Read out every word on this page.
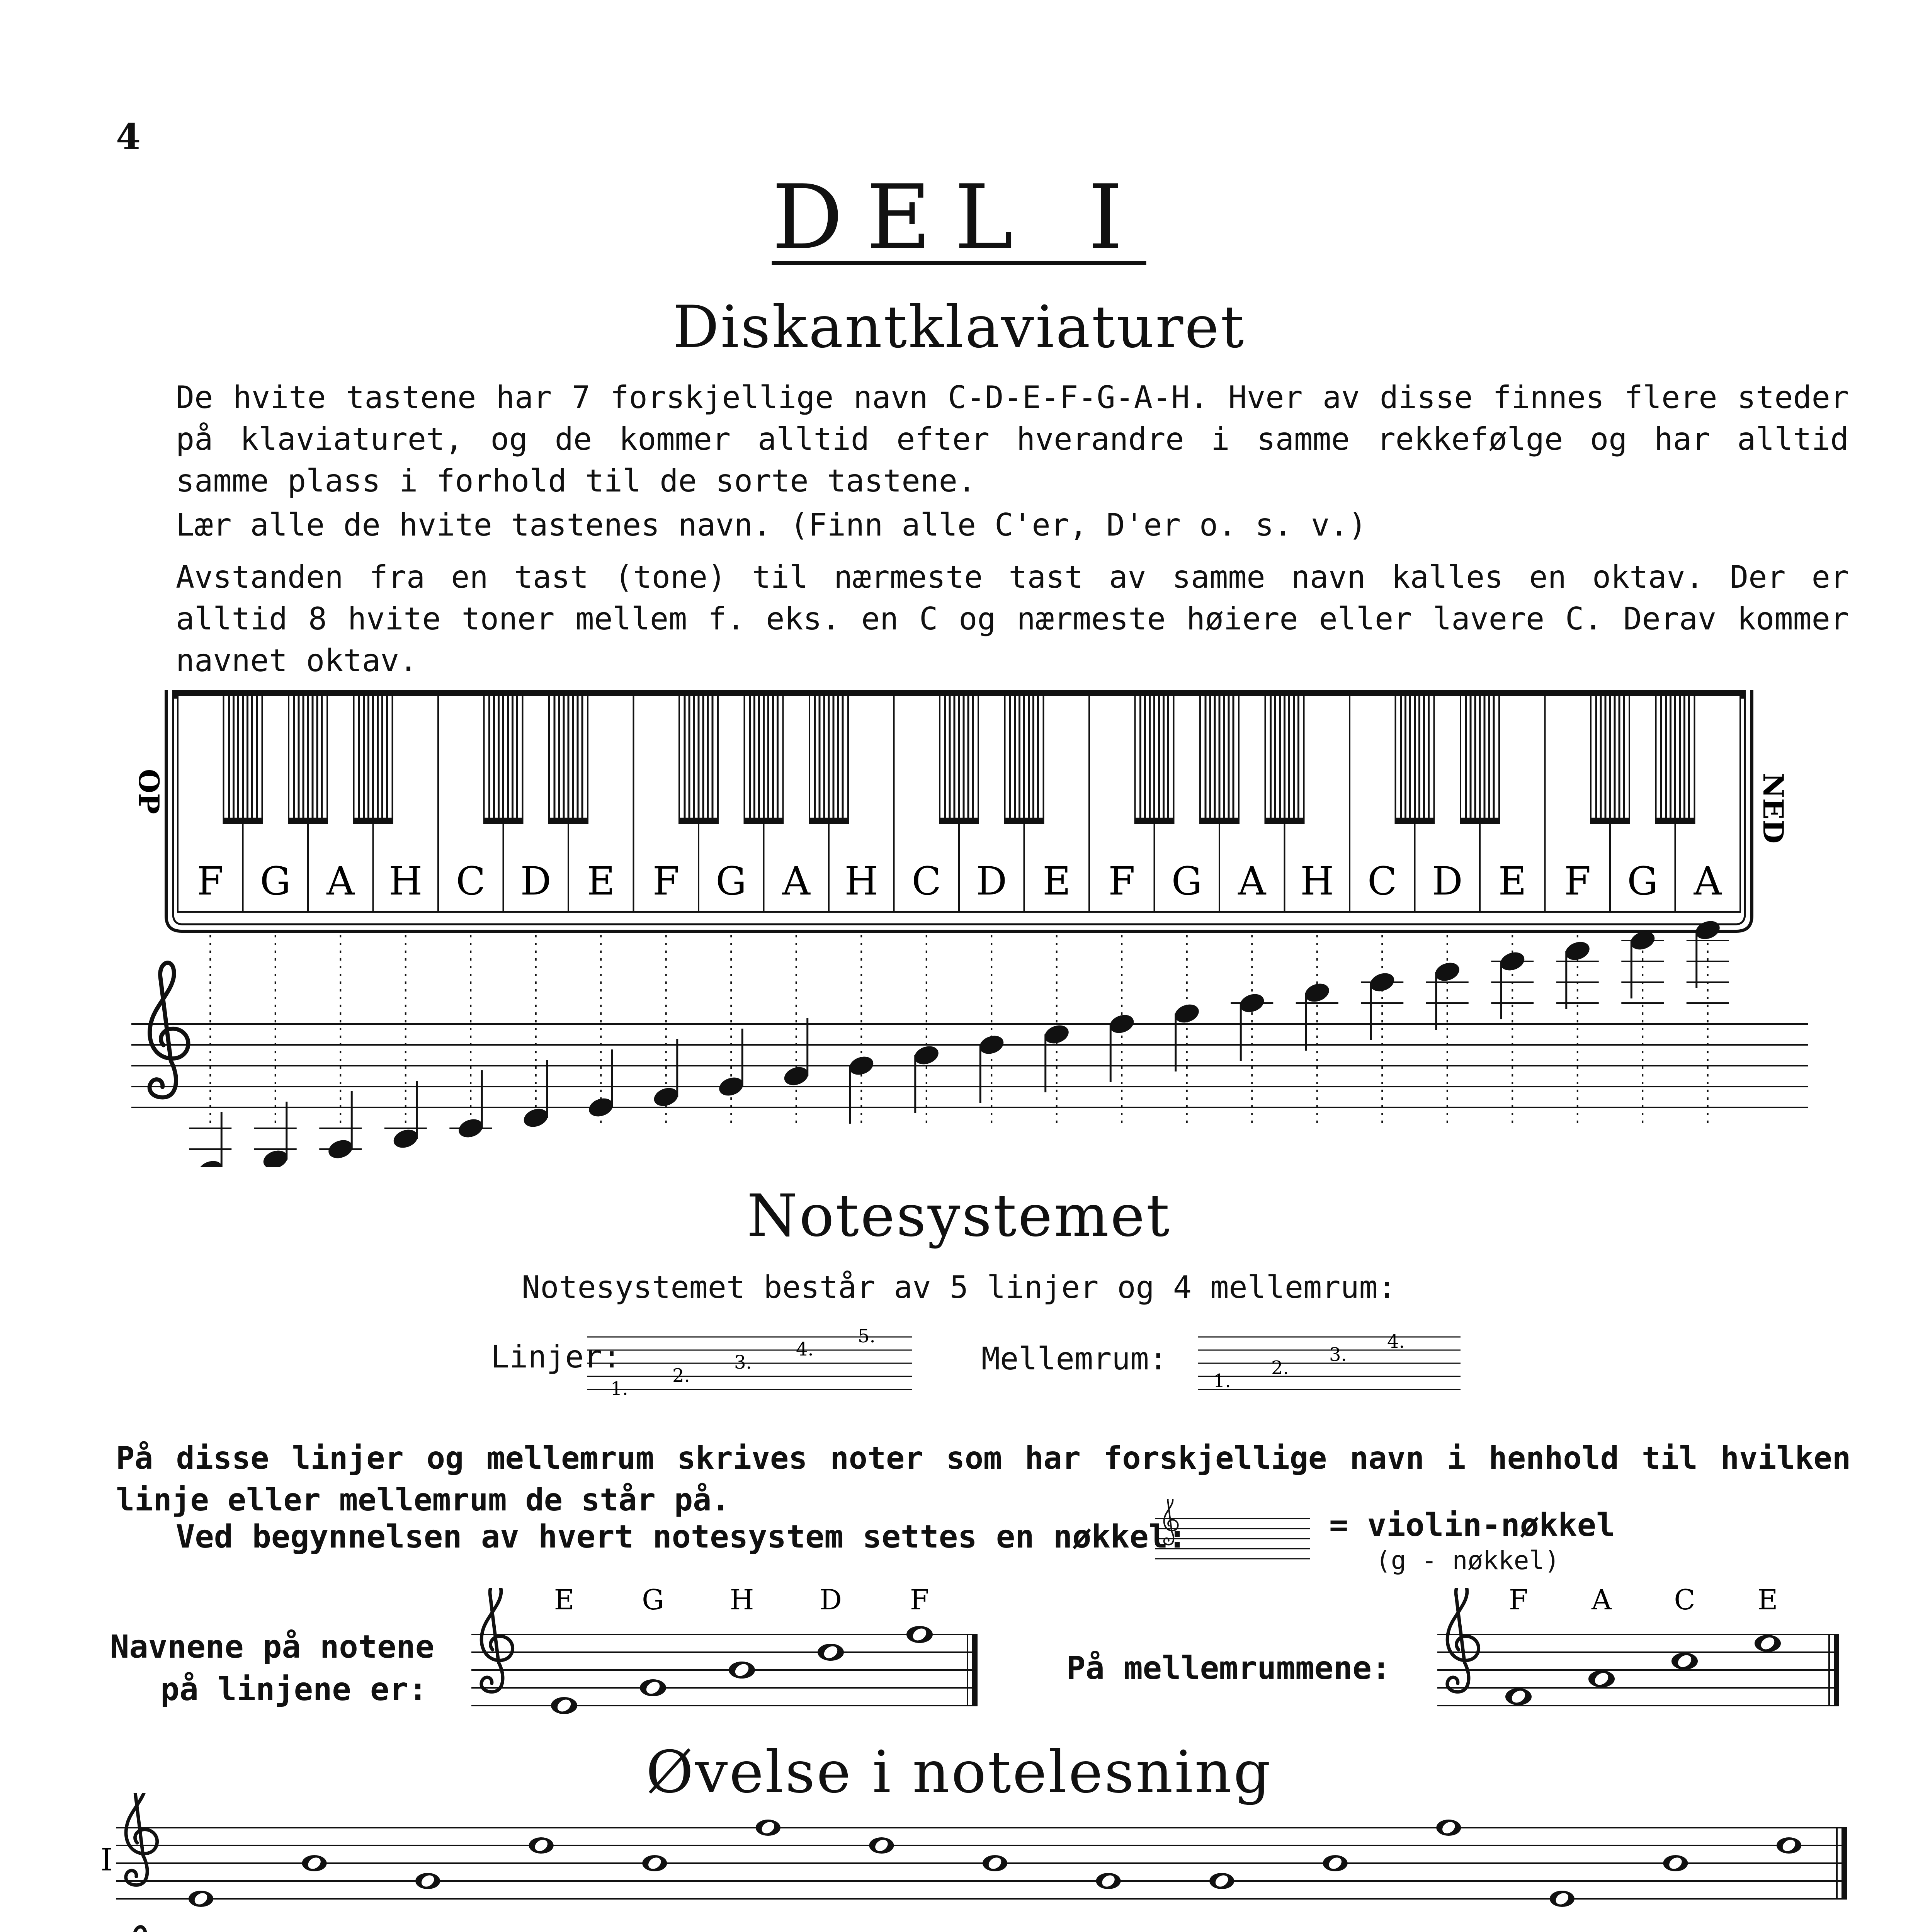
4
DEL I
Diskantklaviaturet
De hvite tastene har 7 forskjellige navn C-D-E-F-G-A-H. Hver av disse finnes flere steder på klaviaturet, og de kommer alltid efter hverandre i samme rekkefølge og har alltid samme plass i forhold til de sorte tastene.
Lær alle de hvite tastenes navn. (Finn alle C'er, D'er o. s. v.)
Avstanden fra en tast (tone) til nærmeste tast av samme navn kalles en oktav. Der er alltid 8 hvite toner mellem f. eks. en C og nærmeste høiere eller lavere C. Derav kommer navnet oktav.
F G A H C D E F G A H C D E F G A H C D E F G A
OP	NED
Notesystemet
Notesystemet består av 5 linjer og 4 mellemrum:
Linjer:
1.
2.
3.
4.
5.
Mellemrum:
1.
2.
3.
4.
På disse linjer og mellemrum skrives noter som har forskjellige navn i henhold til hvilken linje eller mellemrum de står på.
Ved begynnelsen av hvert notesystem settes en nøkkel:	= violin-nøkkel
(g - nøkkel)
Navnene på notene
på linjene er:
E G H D F
På mellemrummene:
F A C E
Øvelse i notelesning
I
